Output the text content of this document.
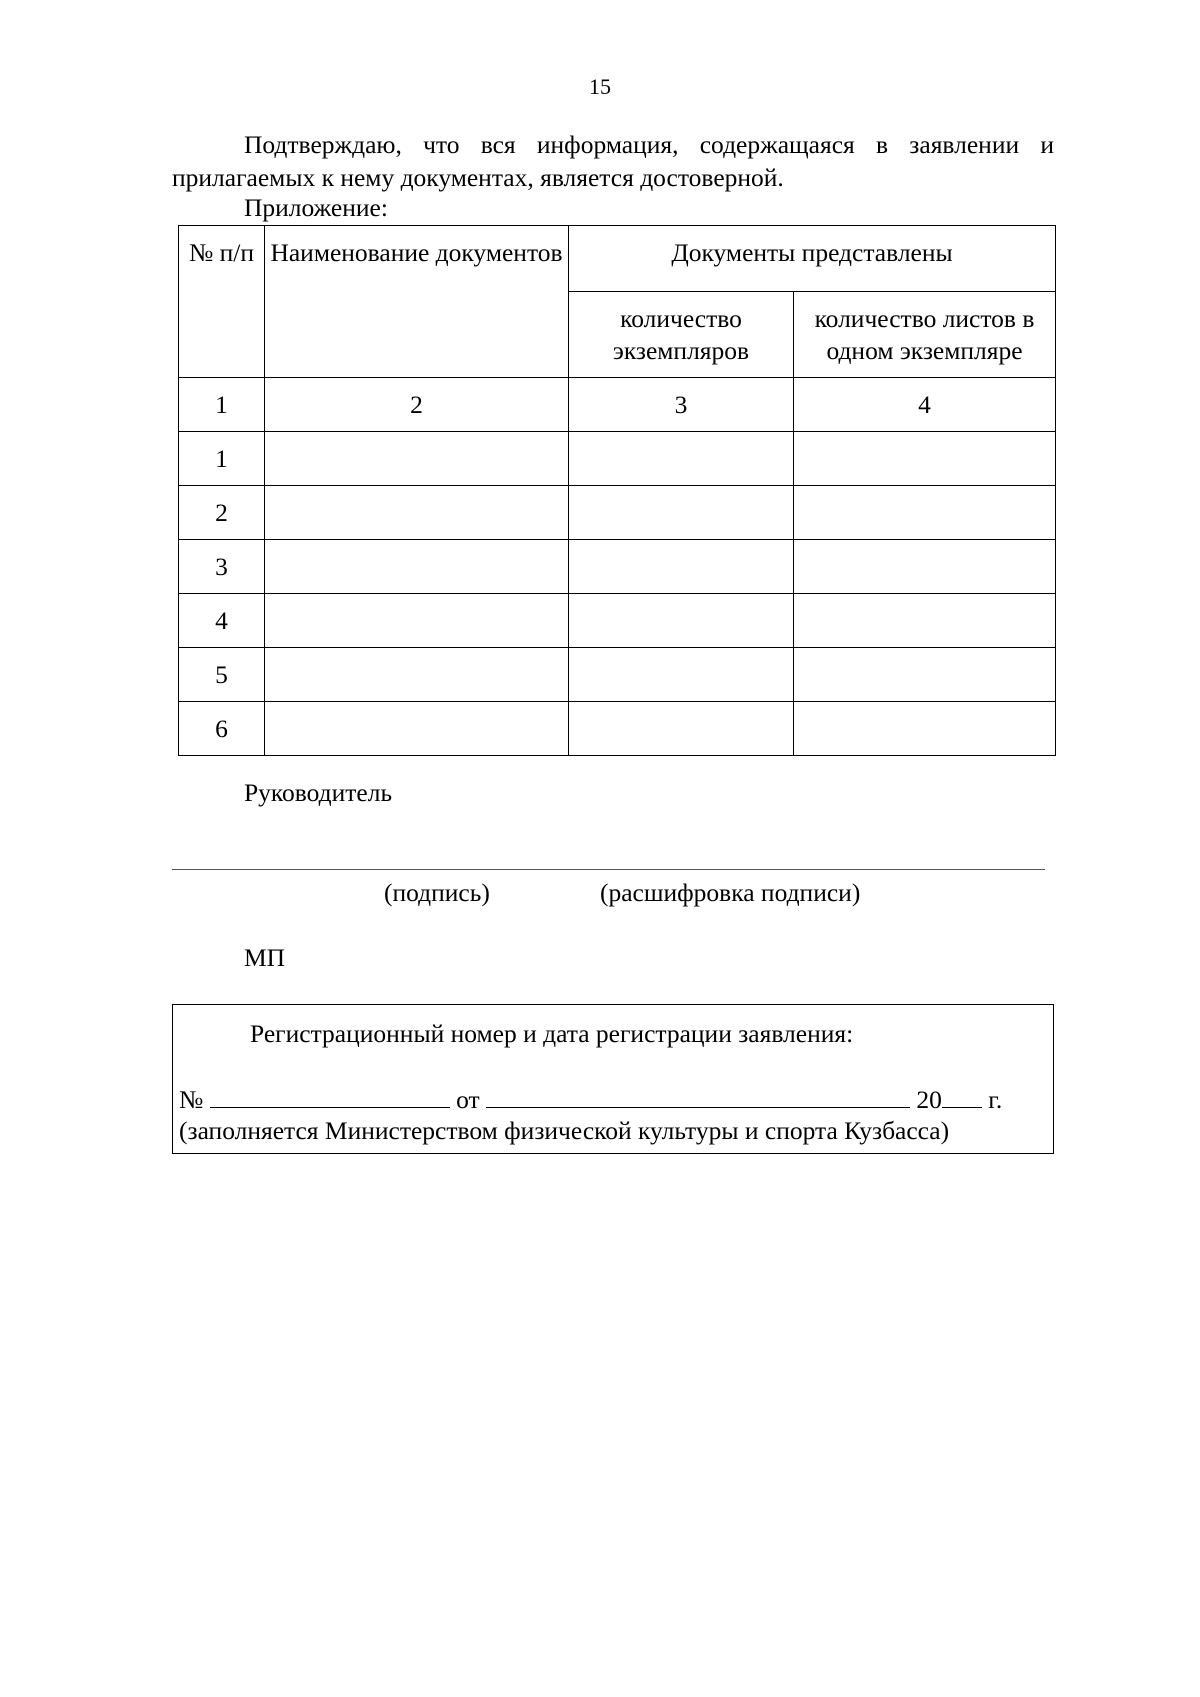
15
Подтверждаю, что вся информация, содержащаяся в заявлении и прилагаемых к нему документах, является достоверной.
Приложение:
№ п/п	Наименование документов	Документы представлены	
		количество экземпляров	количество листов в одном экземпляре
1	2	3	4
1			
2			
3			
4			
5			
6			
Руководитель
(подпись)	(расшифровка подписи)
МП
Регистрационный номер и дата регистрации заявления:
№	от	20 г.
(заполняется Министерством физической культуры и спорта Кузбасса)
